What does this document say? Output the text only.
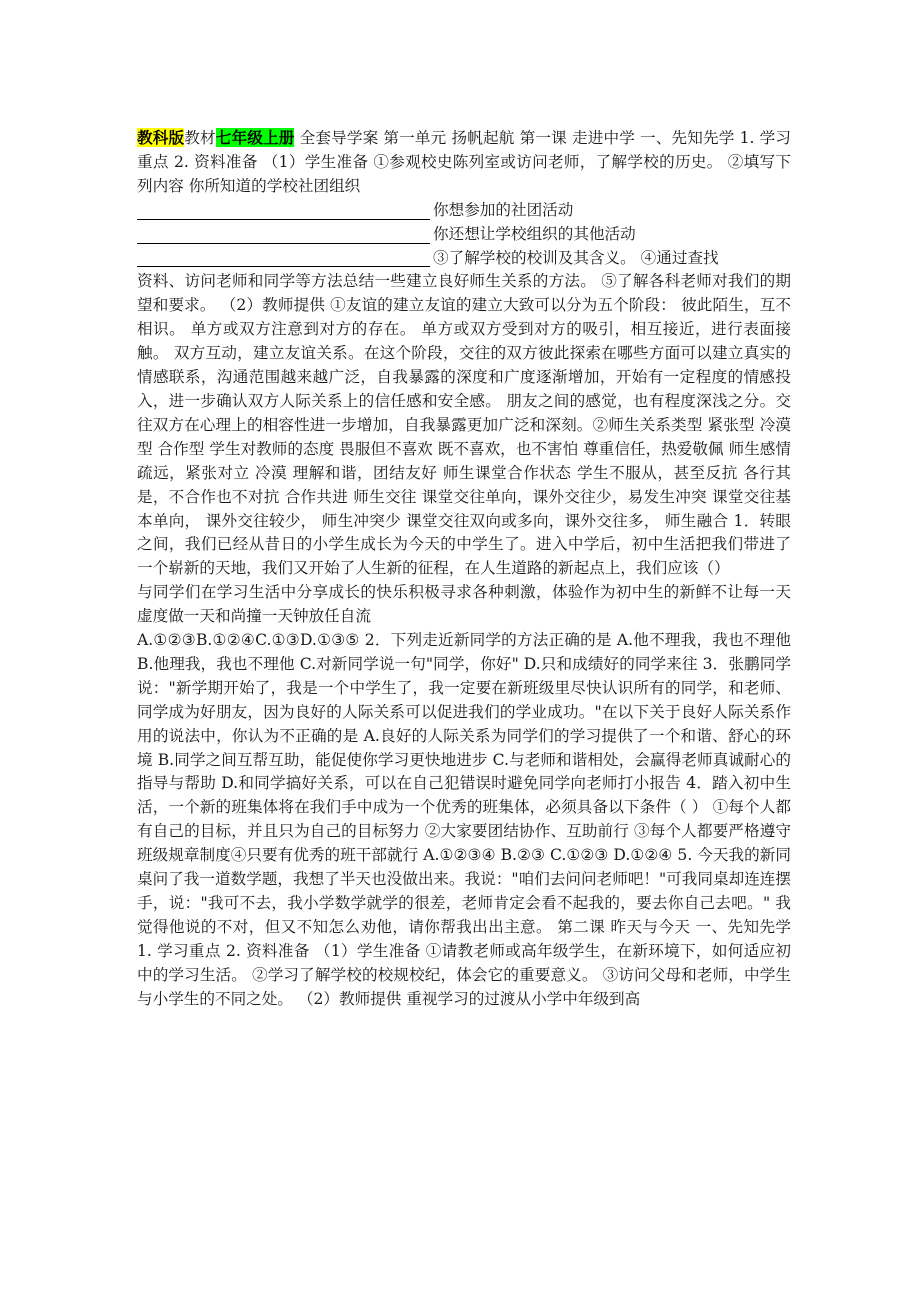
教科版教材七年级上册 全套导学案 第一单元 扬帆起航 第一课 走进中学 一、先知先学 1. 学习重点 2. 资料准备 （1）学生准备 ①参观校史陈列室或访问老师，了解学校的历史。 ②填写下列内容 你所知道的学校社团组织

你想参加的社团活动

你还想让学校组织的其他活动

③了解学校的校训及其含义。 ④通过查找

资料、访问老师和同学等方法总结一些建立良好师生关系的方法。 ⑤了解各科老师对我们的期望和要求。 （2）教师提供 ①友谊的建立友谊的建立大致可以分为五个阶段： 彼此陌生，互不相识。 单方或双方注意到对方的存在。 单方或双方受到对方的吸引，相互接近，进行表面接触。 双方互动，建立友谊关系。在这个阶段，交往的双方彼此探索在哪些方面可以建立真实的情感联系，沟通范围越来越广泛，自我暴露的深度和广度逐渐增加，开始有一定程度的情感投入，进一步确认双方人际关系上的信任感和安全感。 朋友之间的感觉，也有程度深浅之分。交往双方在心理上的相容性进一步增加，自我暴露更加广泛和深刻。②师生关系类型 紧张型 冷漠型 合作型 学生对教师的态度 畏服但不喜欢 既不喜欢，也不害怕 尊重信任，热爱敬佩 师生感情 疏远，紧张对立 冷漠 理解和谐，团结友好 师生课堂合作状态 学生不服从，甚至反抗 各行其是，不合作也不对抗 合作共进 师生交往 课堂交往单向，课外交往少，易发生冲突 课堂交往基本单向， 课外交往较少， 师生冲突少 课堂交往双向或多向，课外交往多， 师生融合 1．转眼之间，我们已经从昔日的小学生成长为今天的中学生了。进入中学后，初中生活把我们带进了一个崭新的天地，我们又开始了人生新的征程，在人生道路的新起点上，我们应该（）

与同学们在学习生活中分享成长的快乐积极寻求各种刺激，体验作为初中生的新鲜不让每一天虚度做一天和尚撞一天钟放任自流

A.①②③B.①②④C.①③D.①③⑤ 2．下列走近新同学的方法正确的是 A.他不理我，我也不理他 B.他理我，我也不理他 C.对新同学说一句"同学，你好" D.只和成绩好的同学来往 3．张鹏同学说："新学期开始了，我是一个中学生了，我一定要在新班级里尽快认识所有的同学，和老师、同学成为好朋友，因为良好的人际关系可以促进我们的学业成功。"在以下关于良好人际关系作用的说法中，你认为不正确的是 A.良好的人际关系为同学们的学习提供了一个和谐、舒心的环境 B.同学之间互帮互助，能促使你学习更快地进步 C.与老师和谐相处，会赢得老师真诚耐心的指导与帮助 D.和同学搞好关系，可以在自己犯错误时避免同学向老师打小报告 4．踏入初中生活，一个新的班集体将在我们手中成为一个优秀的班集体，必须具备以下条件（ ） ①每个人都有自己的目标，并且只为自己的目标努力 ②大家要团结协作、互助前行 ③每个人都要严格遵守班级规章制度④只要有优秀的班干部就行 A.①②③④ B.②③ C.①②③ D.①②④ 5. 今天我的新同桌问了我一道数学题，我想了半天也没做出来。我说："咱们去问问老师吧！"可我同桌却连连摆手，说："我可不去，我小学数学就学的很差，老师肯定会看不起我的，要去你自己去吧。" 我觉得他说的不对，但又不知怎么劝他，请你帮我出出主意。 第二课 昨天与今天 一、先知先学 1. 学习重点 2. 资料准备 （1）学生准备 ①请教老师或高年级学生，在新环境下，如何适应初中的学习生活。 ②学习了解学校的校规校纪，体会它的重要意义。 ③访问父母和老师，中学生与小学生的不同之处。 （2）教师提供 重视学习的过渡从小学中年级到高
